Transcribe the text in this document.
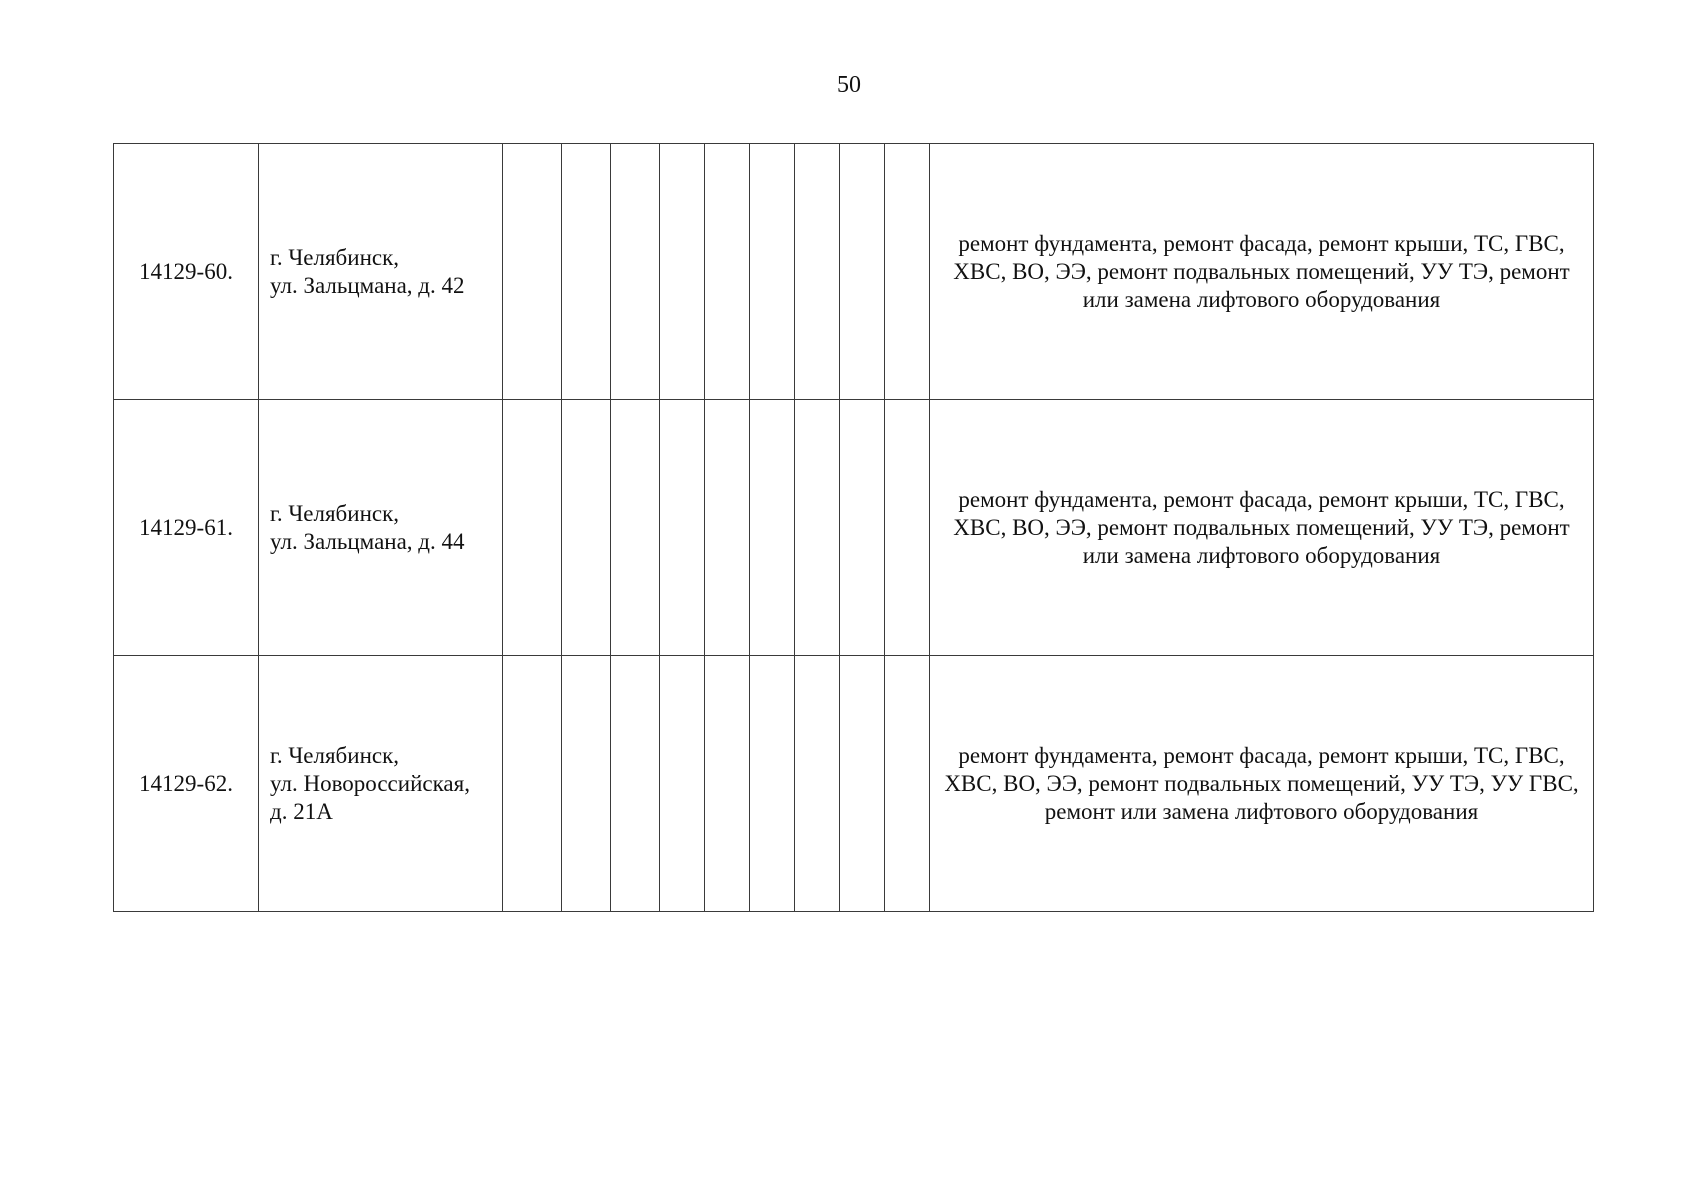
50
14129-60.	г. Челябинск,
ул. Зальцмана, д. 42										ремонт фундамента, ремонт фасада, ремонт крыши, ТС, ГВС, ХВС, ВО, ЭЭ, ремонт подвальных помещений, УУ ТЭ, ремонт или замена лифтового оборудования
14129-61.	г. Челябинск,
ул. Зальцмана, д. 44										ремонт фундамента, ремонт фасада, ремонт крыши, ТС, ГВС, ХВС, ВО, ЭЭ, ремонт подвальных помещений, УУ ТЭ, ремонт или замена лифтового оборудования
14129-62.	г. Челябинск,
ул. Новороссийская,
д. 21А										ремонт фундамента, ремонт фасада, ремонт крыши, ТС, ГВС, ХВС, ВО, ЭЭ, ремонт подвальных помещений, УУ ТЭ, УУ ГВС, ремонт или замена лифтового оборудования
